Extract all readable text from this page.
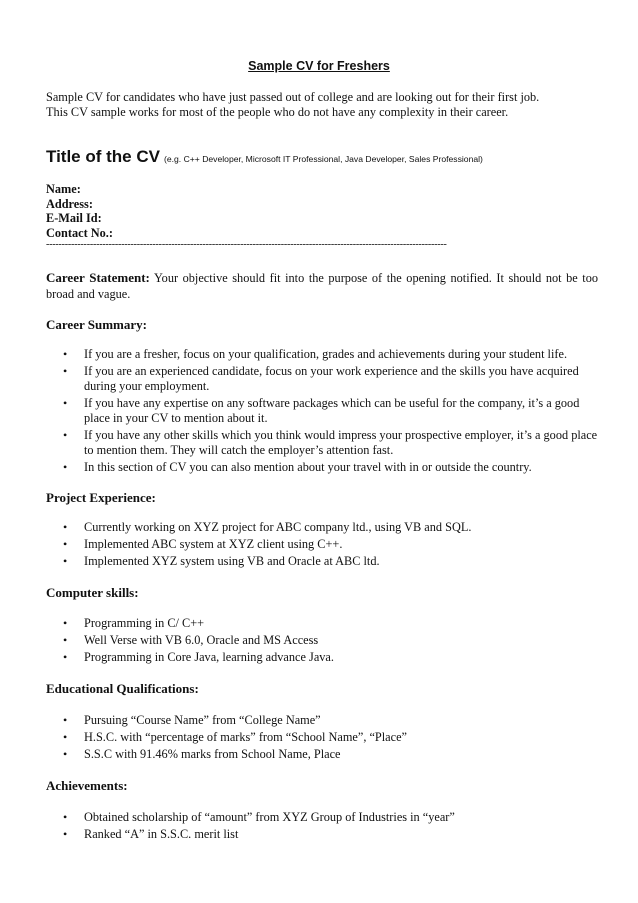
Sample CV for Freshers
Sample CV for candidates who have just passed out of college and are looking out for their first job.
This CV sample works for most of the people who do not have any complexity in their career.
Title of the CV (e.g. C++ Developer, Microsoft IT Professional, Java Developer, Sales Professional)
Name:
Address:
E-Mail Id:
Contact No.:
--------------------------------------------------------------------------------------------------------------------------------
Career Statement: Your objective should fit into the purpose of the opening notified. It should not be too broad and vague.
Career Summary:
• If you are a fresher, focus on your qualification, grades and achievements during your student life.
• If you are an experienced candidate, focus on your work experience and the skills you have acquired during your employment.
• If you have any expertise on any software packages which can be useful for the company, it’s a good place in your CV to mention about it.
• If you have any other skills which you think would impress your prospective employer, it’s a good place to mention them. They will catch the employer’s attention fast.
• In this section of CV you can also mention about your travel with in or outside the country.
Project Experience:
• Currently working on XYZ project for ABC company ltd., using VB and SQL.
• Implemented ABC system at XYZ client using C++.
• Implemented XYZ system using VB and Oracle at ABC ltd.
Computer skills:
• Programming in C/ C++
• Well Verse with VB 6.0, Oracle and MS Access
• Programming in Core Java, learning advance Java.
Educational Qualifications:
• Pursuing “Course Name” from “College Name”
• H.S.C. with “percentage of marks” from “School Name”, “Place”
• S.S.C with 91.46% marks from School Name, Place
Achievements:
• Obtained scholarship of “amount” from XYZ Group of Industries in “year”
• Ranked “A” in S.S.C. merit list
